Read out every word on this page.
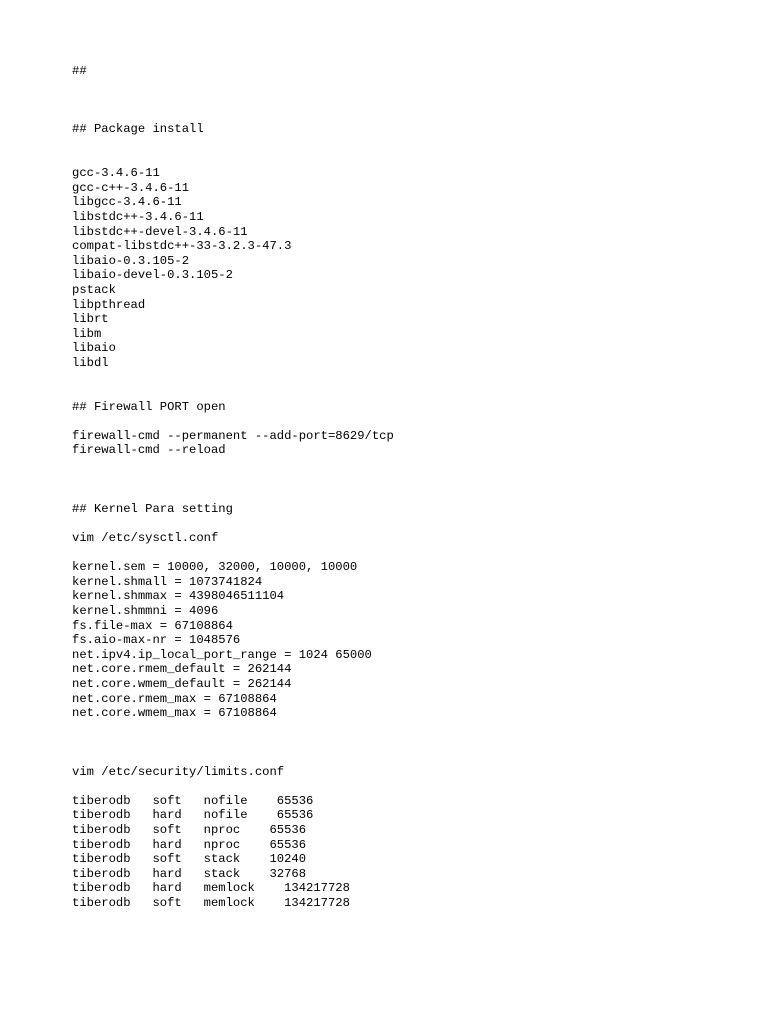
##
## Package install
gcc-3.4.6-11
gcc-c++-3.4.6-11
libgcc-3.4.6-11
libstdc++-3.4.6-11
libstdc++-devel-3.4.6-11
compat-libstdc++-33-3.2.3-47.3
libaio-0.3.105-2
libaio-devel-0.3.105-2
pstack
libpthread
librt
libm
libaio
libdl
## Firewall PORT open
firewall-cmd --permanent --add-port=8629/tcp
firewall-cmd --reload
## Kernel Para setting
vim /etc/sysctl.conf
kernel.sem = 10000, 32000, 10000, 10000
kernel.shmall = 1073741824
kernel.shmmax = 4398046511104
kernel.shmmni = 4096
fs.file-max = 67108864
fs.aio-max-nr = 1048576
net.ipv4.ip_local_port_range = 1024 65000
net.core.rmem_default = 262144
net.core.wmem_default = 262144
net.core.rmem_max = 67108864
net.core.wmem_max = 67108864
vim /etc/security/limits.conf
tiberodb   soft   nofile    65536
tiberodb   hard   nofile    65536
tiberodb   soft   nproc    65536
tiberodb   hard   nproc    65536
tiberodb   soft   stack    10240
tiberodb   hard   stack    32768
tiberodb   hard   memlock    134217728
tiberodb   soft   memlock    134217728
